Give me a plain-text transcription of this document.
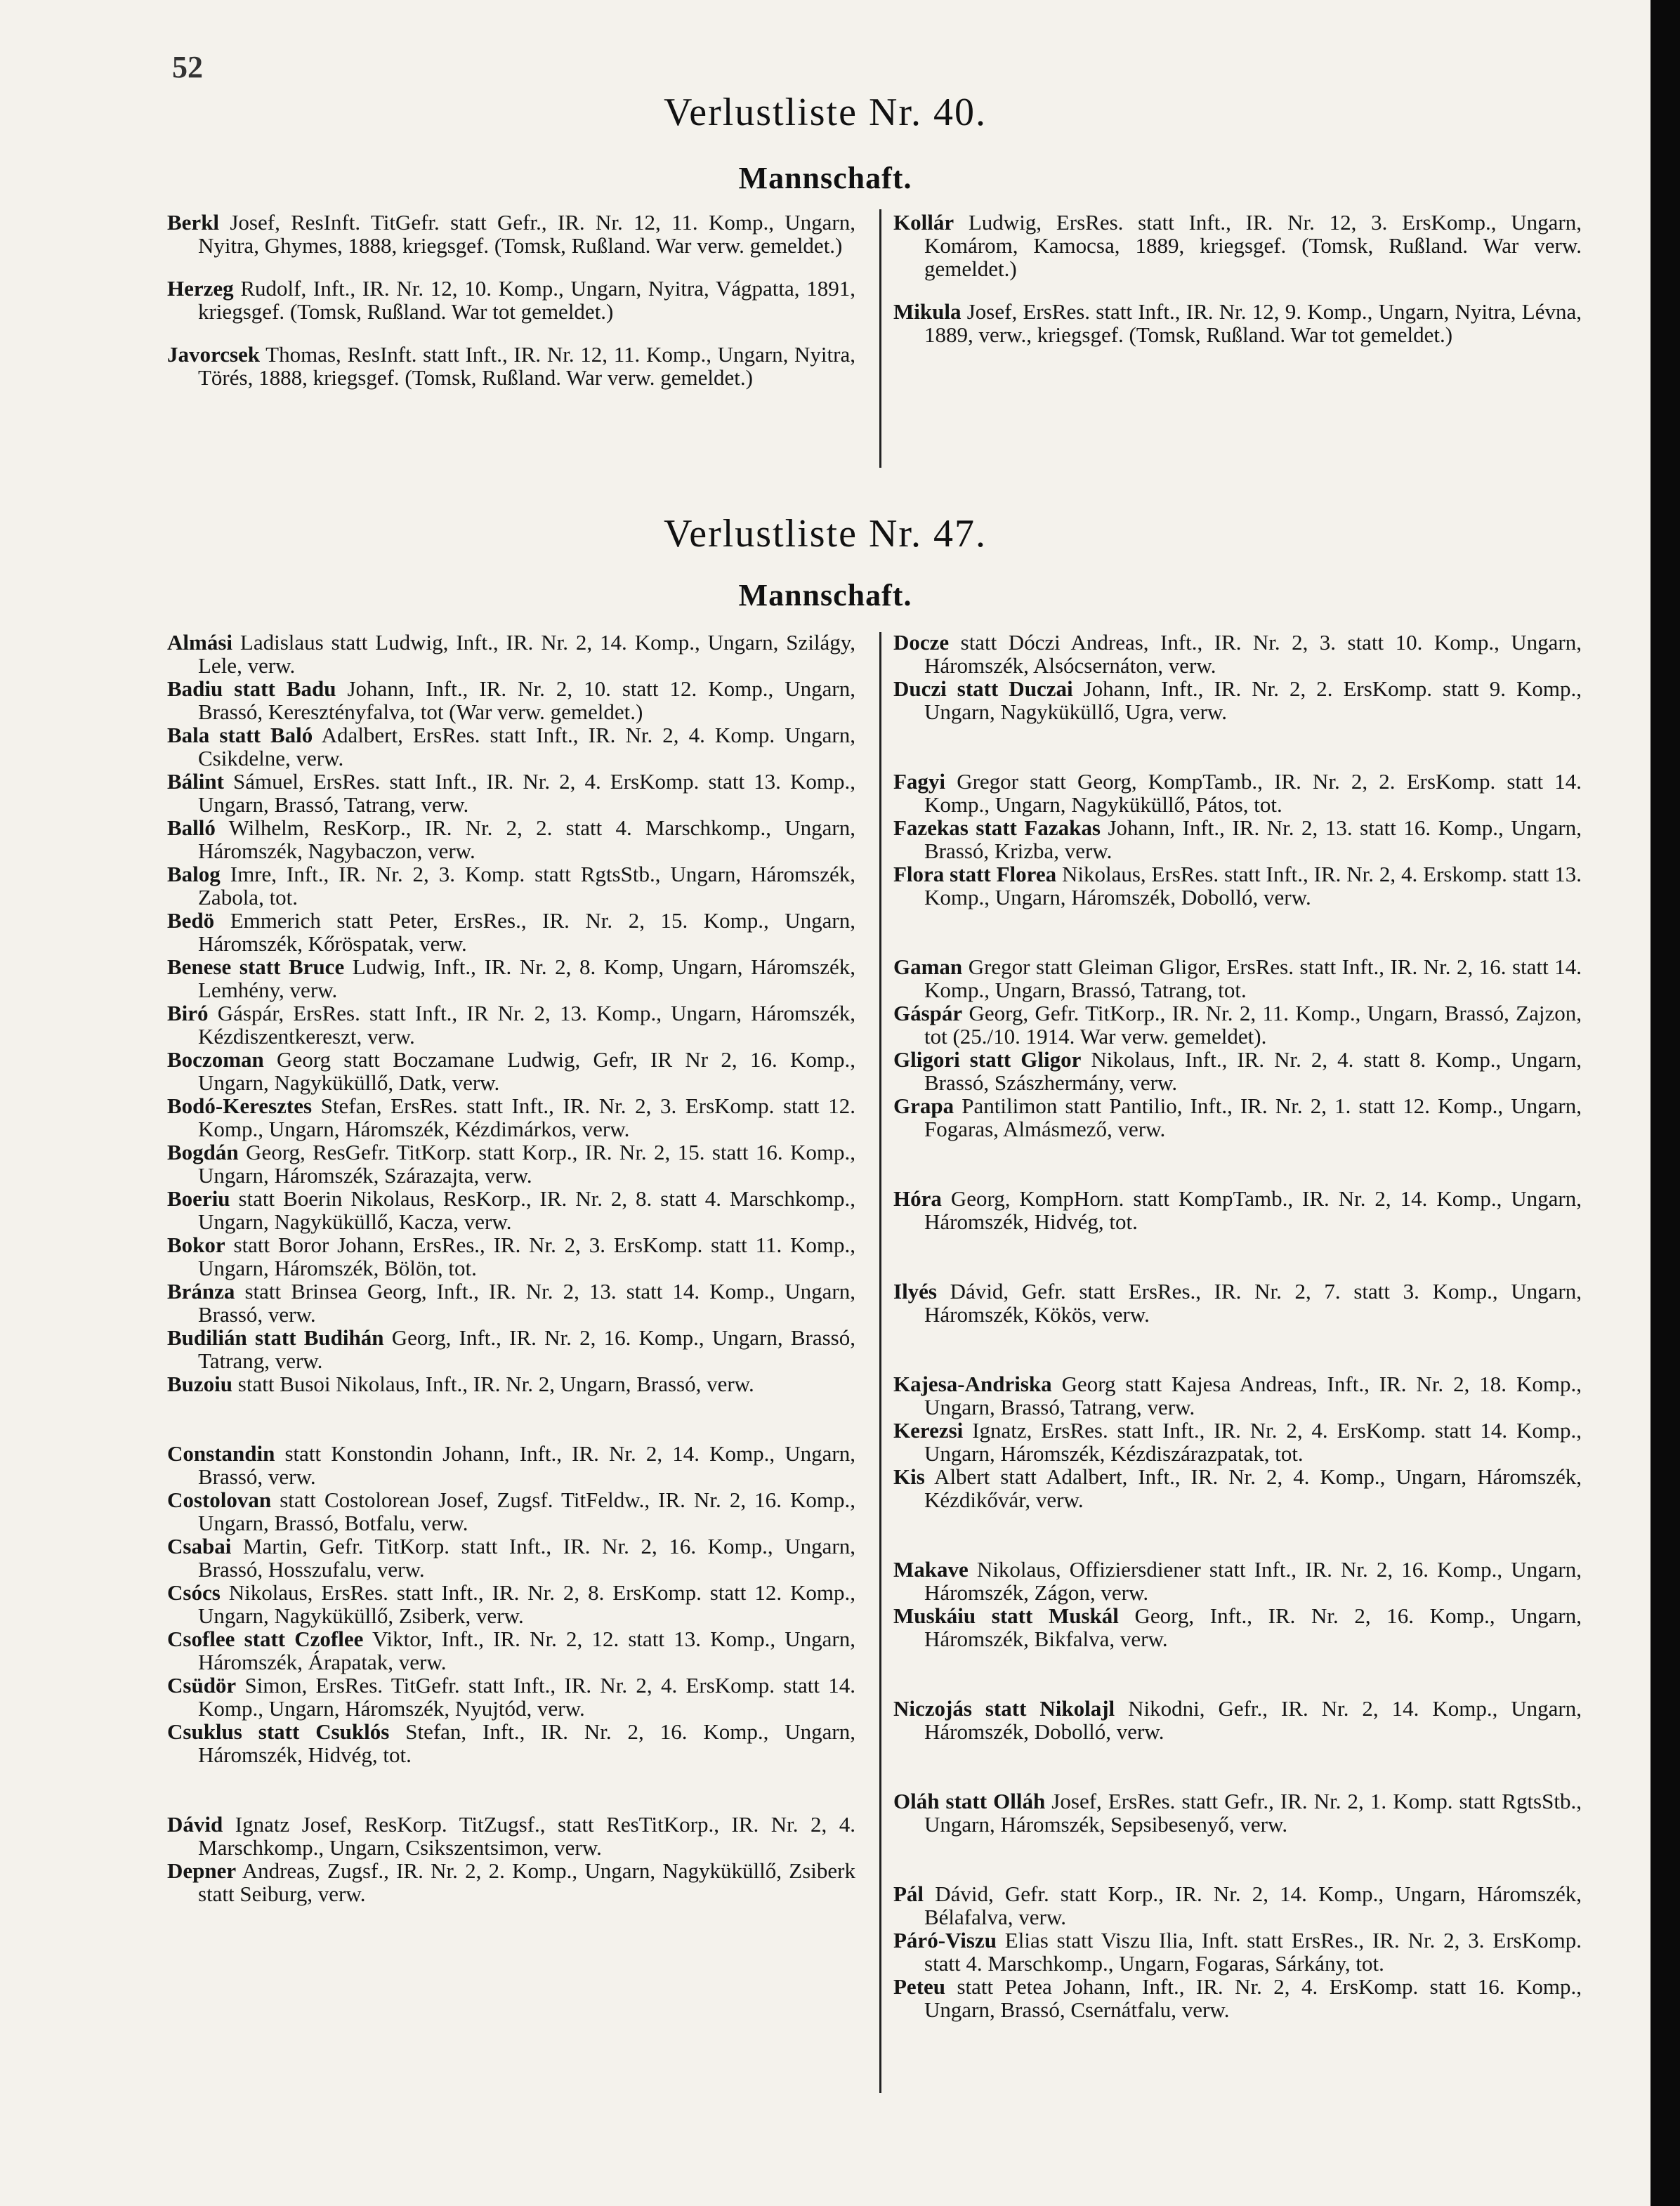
52
Verlustliste Nr. 40.
Mannschaft.

Berkl Josef, ResInft. TitGefr. statt Gefr., IR. Nr. 12, 11. Komp., Ungarn, Nyitra, Ghymes, 1888, kriegsgef. (Tomsk, Rußland. War verw. gemeldet.)

Herzeg Rudolf, Inft., IR. Nr. 12, 10. Komp., Ungarn, Nyitra, Vágpatta, 1891, kriegsgef. (Tomsk, Rußland. War tot gemeldet.)

Javorcsek Thomas, ResInft. statt Inft., IR. Nr. 12, 11. Komp., Ungarn, Nyitra, Törés, 1888, kriegsgef. (Tomsk, Rußland. War verw. gemeldet.)

Kollár Ludwig, ErsRes. statt Inft., IR. Nr. 12, 3. ErsKomp., Ungarn, Komárom, Kamocsa, 1889, kriegsgef. (Tomsk, Rußland. War verw. gemeldet.)

Mikula Josef, ErsRes. statt Inft., IR. Nr. 12, 9. Komp., Ungarn, Nyitra, Lévna, 1889, verw., kriegsgef. (Tomsk, Rußland. War tot gemeldet.)

Verlustliste Nr. 47.
Mannschaft.

Almási Ladislaus statt Ludwig, Inft., IR. Nr. 2, 14. Komp., Ungarn, Szilágy, Lele, verw.

Badiu statt Badu Johann, Inft., IR. Nr. 2, 10. statt 12. Komp., Ungarn, Brassó, Keresztényfalva, tot (War verw. gemeldet.)

Bala statt Baló Adalbert, ErsRes. statt Inft., IR. Nr. 2, 4. Komp. Ungarn, Csikdelne, verw.

Bálint Sámuel, ErsRes. statt Inft., IR. Nr. 2, 4. ErsKomp. statt 13. Komp., Ungarn, Brassó, Tatrang, verw.

Balló Wilhelm, ResKorp., IR. Nr. 2, 2. statt 4. Marschkomp., Ungarn, Háromszék, Nagybaczon, verw.

Balog Imre, Inft., IR. Nr. 2, 3. Komp. statt RgtsStb., Ungarn, Háromszék, Zabola, tot.

Bedö Emmerich statt Peter, ErsRes., IR. Nr. 2, 15. Komp., Ungarn, Háromszék, Kőröspatak, verw.

Benese statt Bruce Ludwig, Inft., IR. Nr. 2, 8. Komp, Ungarn, Háromszék, Lemhény, verw.

Biró Gáspár, ErsRes. statt Inft., IR Nr. 2, 13. Komp., Ungarn, Háromszék, Kézdiszentkereszt, verw.

Boczoman Georg statt Boczamane Ludwig, Gefr, IR Nr 2, 16. Komp., Ungarn, Nagyküküllő, Datk, verw.

Bodó-Keresztes Stefan, ErsRes. statt Inft., IR. Nr. 2, 3. ErsKomp. statt 12. Komp., Ungarn, Háromszék, Kézdimárkos, verw.

Bogdán Georg, ResGefr. TitKorp. statt Korp., IR. Nr. 2, 15. statt 16. Komp., Ungarn, Háromszék, Szárazajta, verw.

Boeriu statt Boerin Nikolaus, ResKorp., IR. Nr. 2, 8. statt 4. Marschkomp., Ungarn, Nagyküküllő, Kacza, verw.

Bokor statt Boror Johann, ErsRes., IR. Nr. 2, 3. ErsKomp. statt 11. Komp., Ungarn, Háromszék, Bölön, tot.

Bránza statt Brinsea Georg, Inft., IR. Nr. 2, 13. statt 14. Komp., Ungarn, Brassó, verw.

Budilián statt Budihán Georg, Inft., IR. Nr. 2, 16. Komp., Ungarn, Brassó, Tatrang, verw.

Buzoiu statt Busoi Nikolaus, Inft., IR. Nr. 2, Ungarn, Brassó, verw.

Constandin statt Konstondin Johann, Inft., IR. Nr. 2, 14. Komp., Ungarn, Brassó, verw.

Costolovan statt Costolorean Josef, Zugsf. TitFeldw., IR. Nr. 2, 16. Komp., Ungarn, Brassó, Botfalu, verw.

Csabai Martin, Gefr. TitKorp. statt Inft., IR. Nr. 2, 16. Komp., Ungarn, Brassó, Hosszufalu, verw.

Csócs Nikolaus, ErsRes. statt Inft., IR. Nr. 2, 8. ErsKomp. statt 12. Komp., Ungarn, Nagyküküllő, Zsiberk, verw.

Csoflee statt Czoflee Viktor, Inft., IR. Nr. 2, 12. statt 13. Komp., Ungarn, Háromszék, Árapatak, verw.

Csüdör Simon, ErsRes. TitGefr. statt Inft., IR. Nr. 2, 4. ErsKomp. statt 14. Komp., Ungarn, Háromszék, Nyujtód, verw.

Csuklus statt Csuklós Stefan, Inft., IR. Nr. 2, 16. Komp., Ungarn, Háromszék, Hidvég, tot.

Dávid Ignatz Josef, ResKorp. TitZugsf., statt ResTitKorp., IR. Nr. 2, 4. Marschkomp., Ungarn, Csikszentsimon, verw.

Depner Andreas, Zugsf., IR. Nr. 2, 2. Komp., Ungarn, Nagyküküllő, Zsiberk statt Seiburg, verw.

Docze statt Dóczi Andreas, Inft., IR. Nr. 2, 3. statt 10. Komp., Ungarn, Háromszék, Alsócsernáton, verw.

Duczi statt Duczai Johann, Inft., IR. Nr. 2, 2. ErsKomp. statt 9. Komp., Ungarn, Nagyküküllő, Ugra, verw.

Fagyi Gregor statt Georg, KompTamb., IR. Nr. 2, 2. ErsKomp. statt 14. Komp., Ungarn, Nagyküküllő, Pátos, tot.

Fazekas statt Fazakas Johann, Inft., IR. Nr. 2, 13. statt 16. Komp., Ungarn, Brassó, Krizba, verw.

Flora statt Florea Nikolaus, ErsRes. statt Inft., IR. Nr. 2, 4. Erskomp. statt 13. Komp., Ungarn, Háromszék, Dobolló, verw.

Gaman Gregor statt Gleiman Gligor, ErsRes. statt Inft., IR. Nr. 2, 16. statt 14. Komp., Ungarn, Brassó, Tatrang, tot.

Gáspár Georg, Gefr. TitKorp., IR. Nr. 2, 11. Komp., Ungarn, Brassó, Zajzon, tot (25./10. 1914. War verw. gemeldet).

Gligori statt Gligor Nikolaus, Inft., IR. Nr. 2, 4. statt 8. Komp., Ungarn, Brassó, Szászhermány, verw.

Grapa Pantilimon statt Pantilio, Inft., IR. Nr. 2, 1. statt 12. Komp., Ungarn, Fogaras, Almásmező, verw.

Hóra Georg, KompHorn. statt KompTamb., IR. Nr. 2, 14. Komp., Ungarn, Háromszék, Hidvég, tot.

Ilyés Dávid, Gefr. statt ErsRes., IR. Nr. 2, 7. statt 3. Komp., Ungarn, Háromszék, Kökös, verw.

Kajesa-Andriska Georg statt Kajesa Andreas, Inft., IR. Nr. 2, 18. Komp., Ungarn, Brassó, Tatrang, verw.

Kerezsi Ignatz, ErsRes. statt Inft., IR. Nr. 2, 4. ErsKomp. statt 14. Komp., Ungarn, Háromszék, Kézdiszárazpatak, tot.

Kis Albert statt Adalbert, Inft., IR. Nr. 2, 4. Komp., Ungarn, Háromszék, Kézdikővár, verw.

Makave Nikolaus, Offiziersdiener statt Inft., IR. Nr. 2, 16. Komp., Ungarn, Háromszék, Zágon, verw.

Muskáiu statt Muskál Georg, Inft., IR. Nr. 2, 16. Komp., Ungarn, Háromszék, Bikfalva, verw.

Niczojás statt Nikolajl Nikodni, Gefr., IR. Nr. 2, 14. Komp., Ungarn, Háromszék, Dobolló, verw.

Oláh statt Olláh Josef, ErsRes. statt Gefr., IR. Nr. 2, 1. Komp. statt RgtsStb., Ungarn, Háromszék, Sepsibesenyő, verw.

Pál Dávid, Gefr. statt Korp., IR. Nr. 2, 14. Komp., Ungarn, Háromszék, Bélafalva, verw.

Páró-Viszu Elias statt Viszu Ilia, Inft. statt ErsRes., IR. Nr. 2, 3. ErsKomp. statt 4. Marschkomp., Ungarn, Fogaras, Sárkány, tot.

Peteu statt Petea Johann, Inft., IR. Nr. 2, 4. ErsKomp. statt 16. Komp., Ungarn, Brassó, Csernátfalu, verw.
